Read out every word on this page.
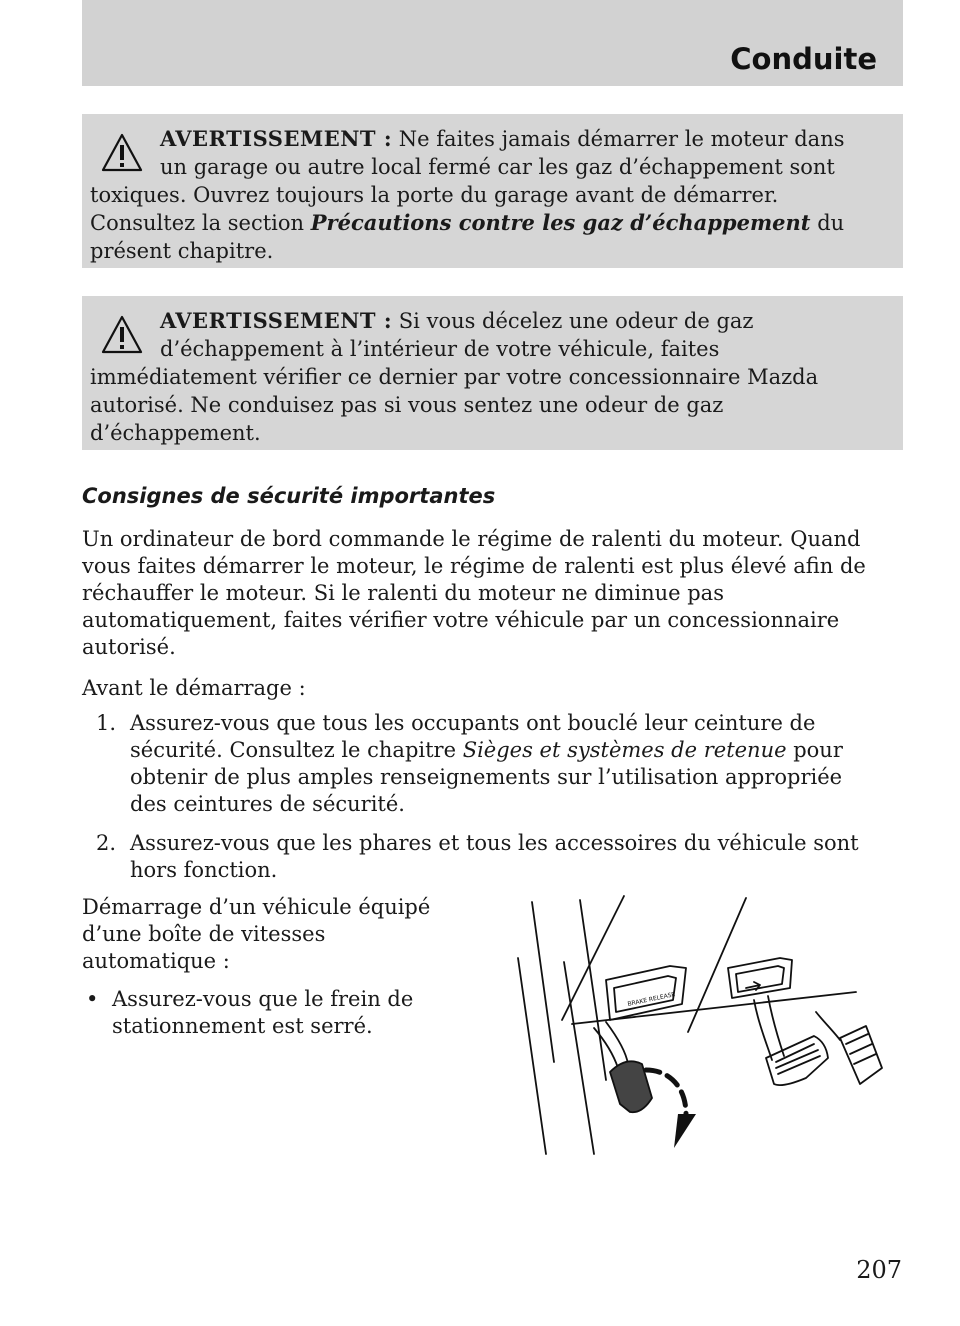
Conduite

AVERTISSEMENT : Ne faites jamais démarrer le moteur dans

un garage ou autre local fermé car les gaz d’échappement sont

toxiques. Ouvrez toujours la porte du garage avant de démarrer.

Consultez la section Précautions contre les gaz d’échappement du

présent chapitre.

AVERTISSEMENT : Si vous décelez une odeur de gaz

d’échappement à l’intérieur de votre véhicule, faites

immédiatement vérifier ce dernier par votre concessionnaire Mazda

autorisé. Ne conduisez pas si vous sentez une odeur de gaz

d’échappement.

Consignes de sécurité importantes
Un ordinateur de bord commande le régime de ralenti du moteur. Quand
vous faites démarrer le moteur, le régime de ralenti est plus élevé afin de
réchauffer le moteur. Si le ralenti du moteur ne diminue pas
automatiquement, faites vérifier votre véhicule par un concessionnaire
autorisé.
Avant le démarrage :
1. Assurez-vous que tous les occupants ont bouclé leur ceinture de
sécurité. Consultez le chapitre Sièges et systèmes de retenue pour
obtenir de plus amples renseignements sur l’utilisation appropriée
des ceintures de sécurité.
2. Assurez-vous que les phares et tous les accessoires du véhicule sont
hors fonction.
Démarrage d’un véhicule équipé
d’une boîte de vitesses
automatique :
• Assurez-vous que le frein de
stationnement est serré.
BRAKE RELEASE
207
